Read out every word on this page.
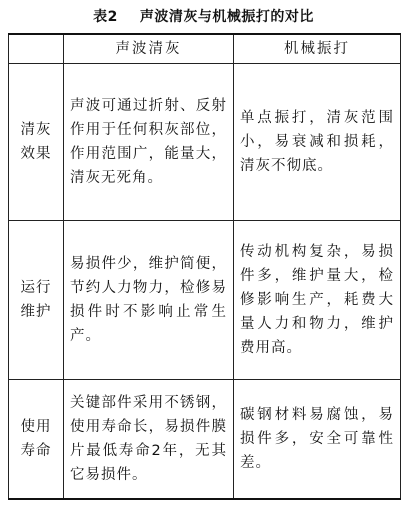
表2 声波清灰与机械振打的对比
	声波清灰	机械振打
清灰效果	声波可通过折射、反射作用于任何积灰部位，作用范围广，能量大，清灰无死角。	单点振打，清灰范围小，易衰减和损耗，清灰不彻底。
运行维护	易损件少，维护简便，节约人力物力，检修易损件时不影响止常生产。	传动机构复杂，易损件多，维护量大，检修影响生产，耗费大量人力和物力，维护费用高。
使用寿命	关键部件采用不锈钢，使用寿命长，易损件膜片最低寿命2年，无其它易损件。	碳钢材料易腐蚀，易损件多，安全可靠性差。
